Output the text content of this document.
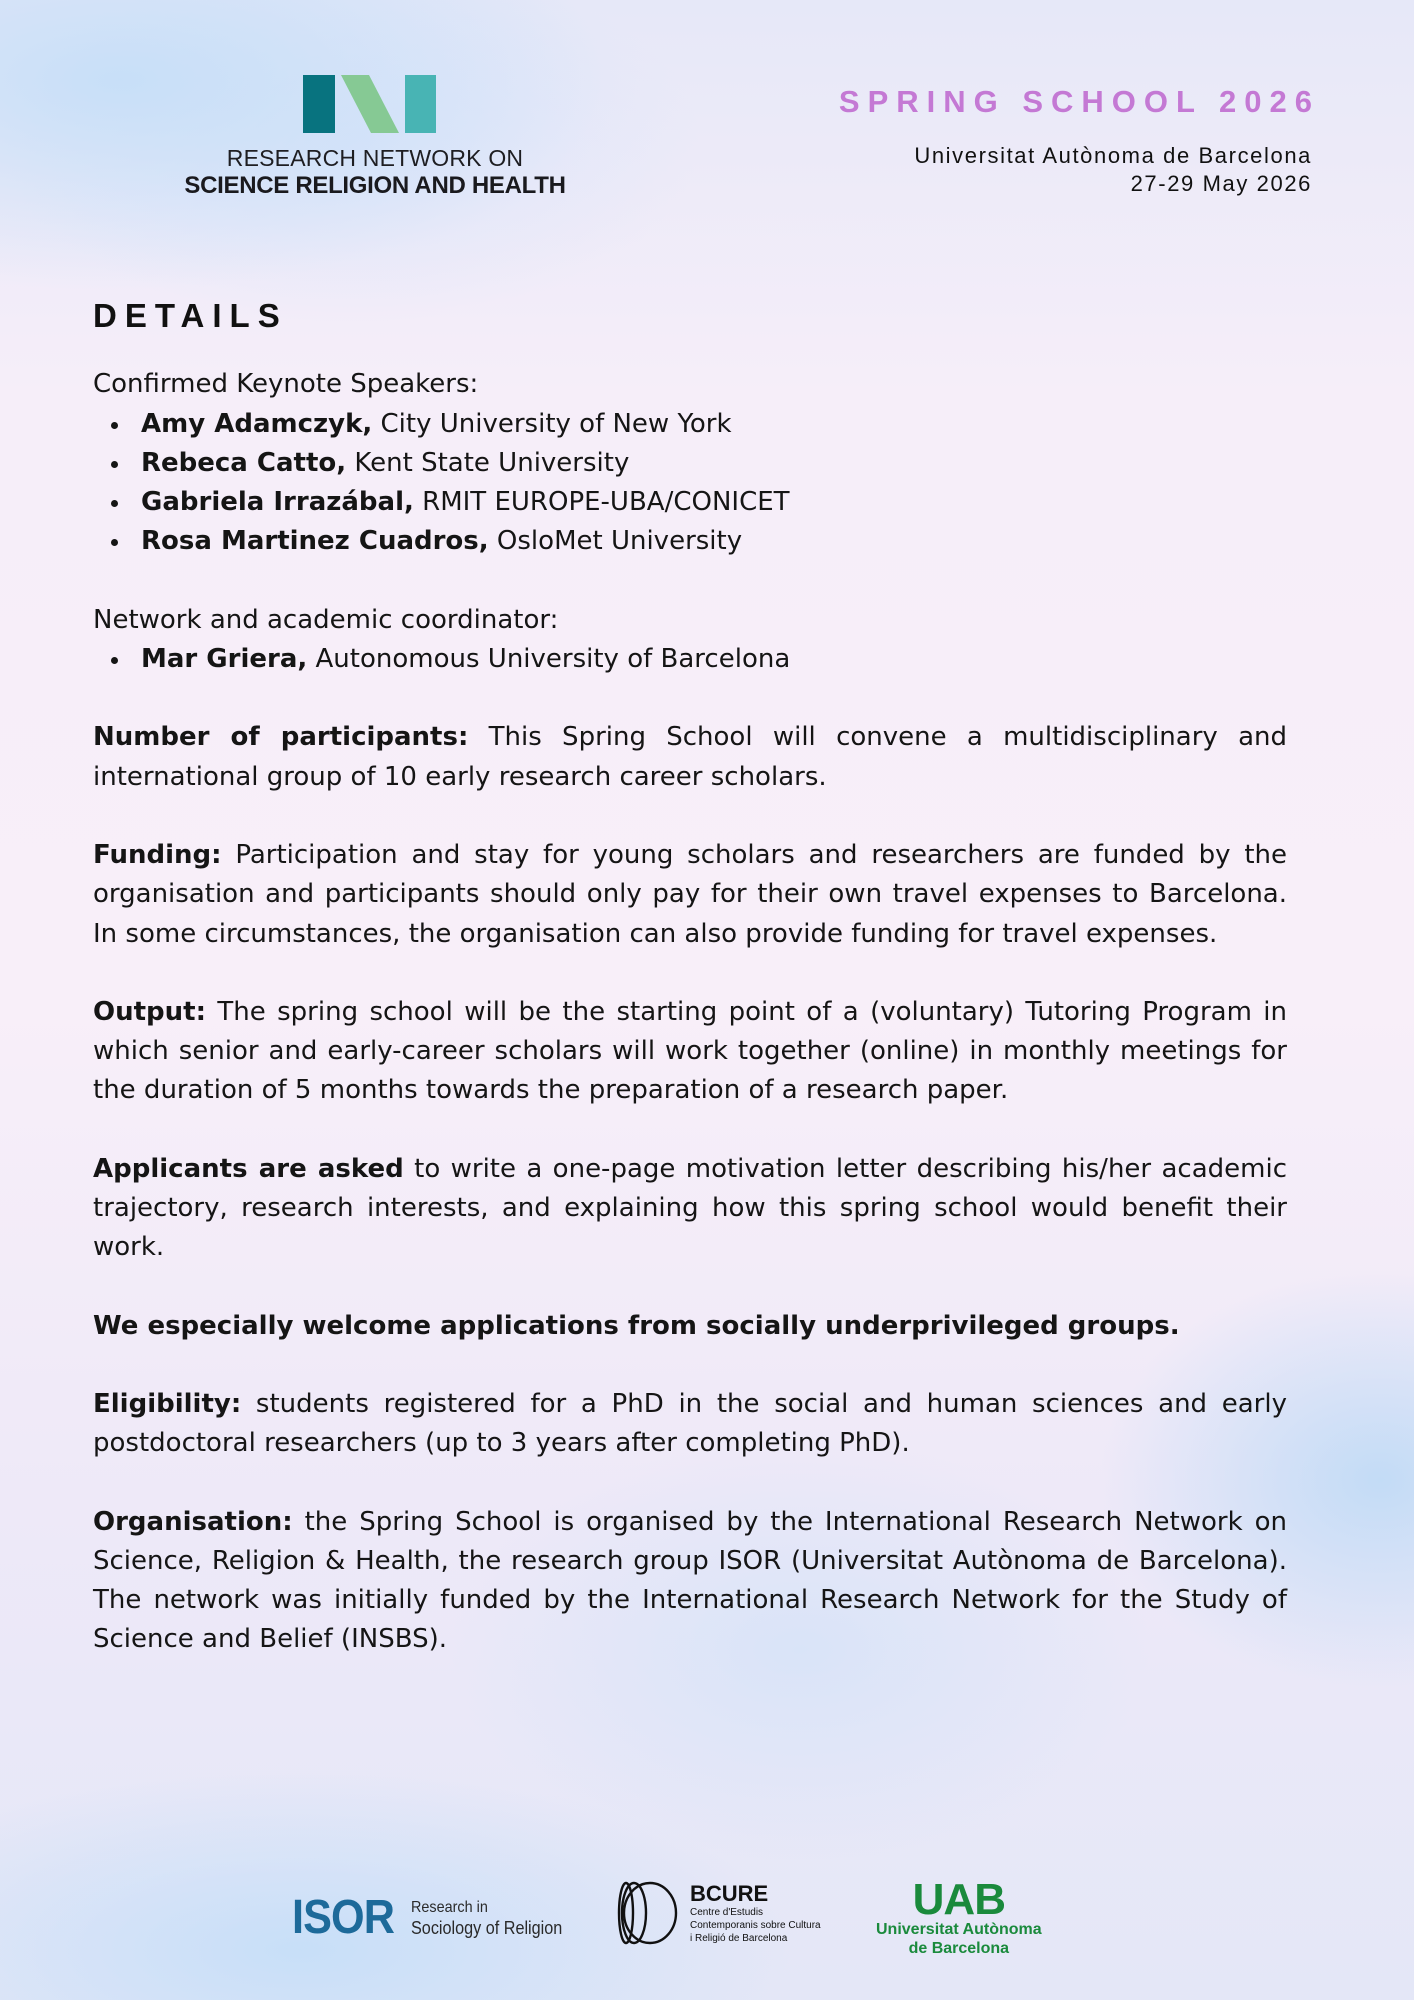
RESEARCH NETWORK ON
SCIENCE RELIGION AND HEALTH
SPRING SCHOOL 2026
Universitat Autònoma de Barcelona
27-29 May 2026
DETAILS

Confirmed Keynote Speakers:

Amy Adamczyk, City University of New York
Rebeca Catto, Kent State University
Gabriela Irrazábal, RMIT EUROPE-UBA/CONICET
Rosa Martinez Cuadros, OsloMet University

Network and academic coordinator:

Mar Griera, Autonomous University of Barcelona

Number of participants: This Spring School will convene a multidisciplinary and international group of 10 early research career scholars.

Funding: Participation and stay for young scholars and researchers are funded by the organisation and participants should only pay for their own travel expenses to Barcelona. In some circumstances, the organisation can also provide funding for travel expenses.

Output: The spring school will be the starting point of a (voluntary) Tutoring Program in which senior and early-career scholars will work together (online) in monthly meetings for the duration of 5 months towards the preparation of a research paper.

Applicants are asked to write a one-page motivation letter describing his/her academic trajectory, research interests, and explaining how this spring school would benefit their work.

We especially welcome applications from socially underprivileged groups.

Eligibility: students registered for a PhD in the social and human sciences and early postdoctoral researchers (up to 3 years after completing PhD).

Organisation: the Spring School is organised by the International Research Network on Science, Religion & Health, the research group ISOR (Universitat Autònoma de Barcelona). The network was initially funded by the International Research Network for the Study of Science and Belief (INSBS).

ISOR Research in
Sociology of Religion
BCURE
Centre d'Estudis
Contemporanis sobre Cultura
i Religió de Barcelona
UAB
Universitat Autònoma
de Barcelona
